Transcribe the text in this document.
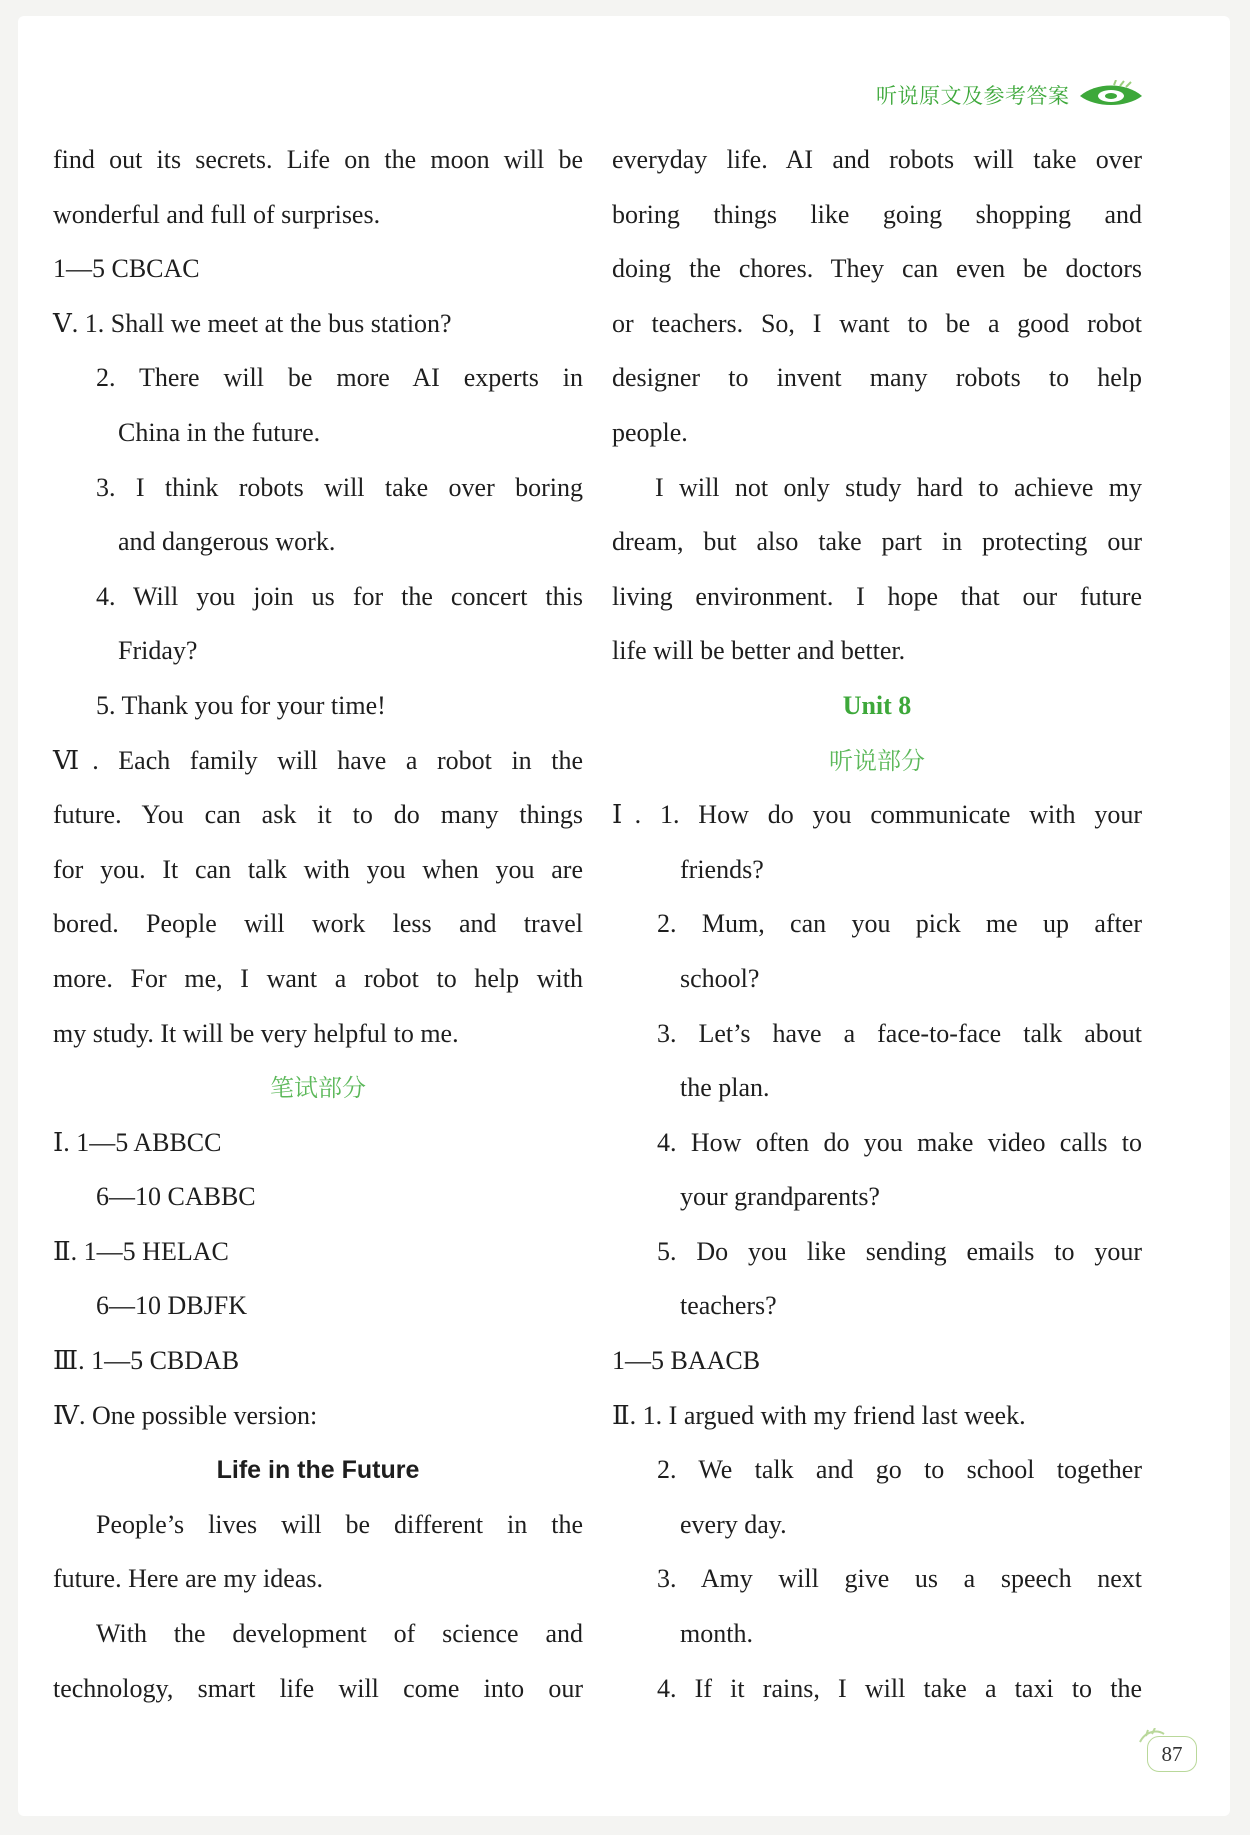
听说原文及参考答案
find out its secrets. Life on the moon will be
wonderful and full of surprises.
1—5 CBCAC
Ⅴ. 1. Shall we meet at the bus station?
2. There will be more AI experts in
China in the future.
3. I think robots will take over boring
and dangerous work.
4. Will you join us for the concert this
Friday?
5. Thank you for your time!
Ⅵ. Each family will have a robot in the
future. You can ask it to do many things
for you. It can talk with you when you are
bored. People will work less and travel
more. For me, I want a robot to help with
my study. It will be very helpful to me.
笔试部分
Ⅰ. 1—5 ABBCC
6—10 CABBC
Ⅱ. 1—5 HELAC
6—10 DBJFK
Ⅲ. 1—5 CBDAB
Ⅳ. One possible version:
Life in the Future
People’s lives will be different in the
future. Here are my ideas.
With the development of science and
technology, smart life will come into our
everyday life. AI and robots will take over
boring things like going shopping and
doing the chores. They can even be doctors
or teachers. So, I want to be a good robot
designer to invent many robots to help
people.
I will not only study hard to achieve my
dream, but also take part in protecting our
living environment. I hope that our future
life will be better and better.
Unit 8
听说部分
Ⅰ. 1. How do you communicate with your
friends?
2. Mum, can you pick me up after
school?
3. Let’s have a face-to-face talk about
the plan.
4. How often do you make video calls to
your grandparents?
5. Do you like sending emails to your
teachers?
1—5 BAACB
Ⅱ. 1. I argued with my friend last week.
2. We talk and go to school together
every day.
3. Amy will give us a speech next
month.
4. If it rains, I will take a taxi to the
87
